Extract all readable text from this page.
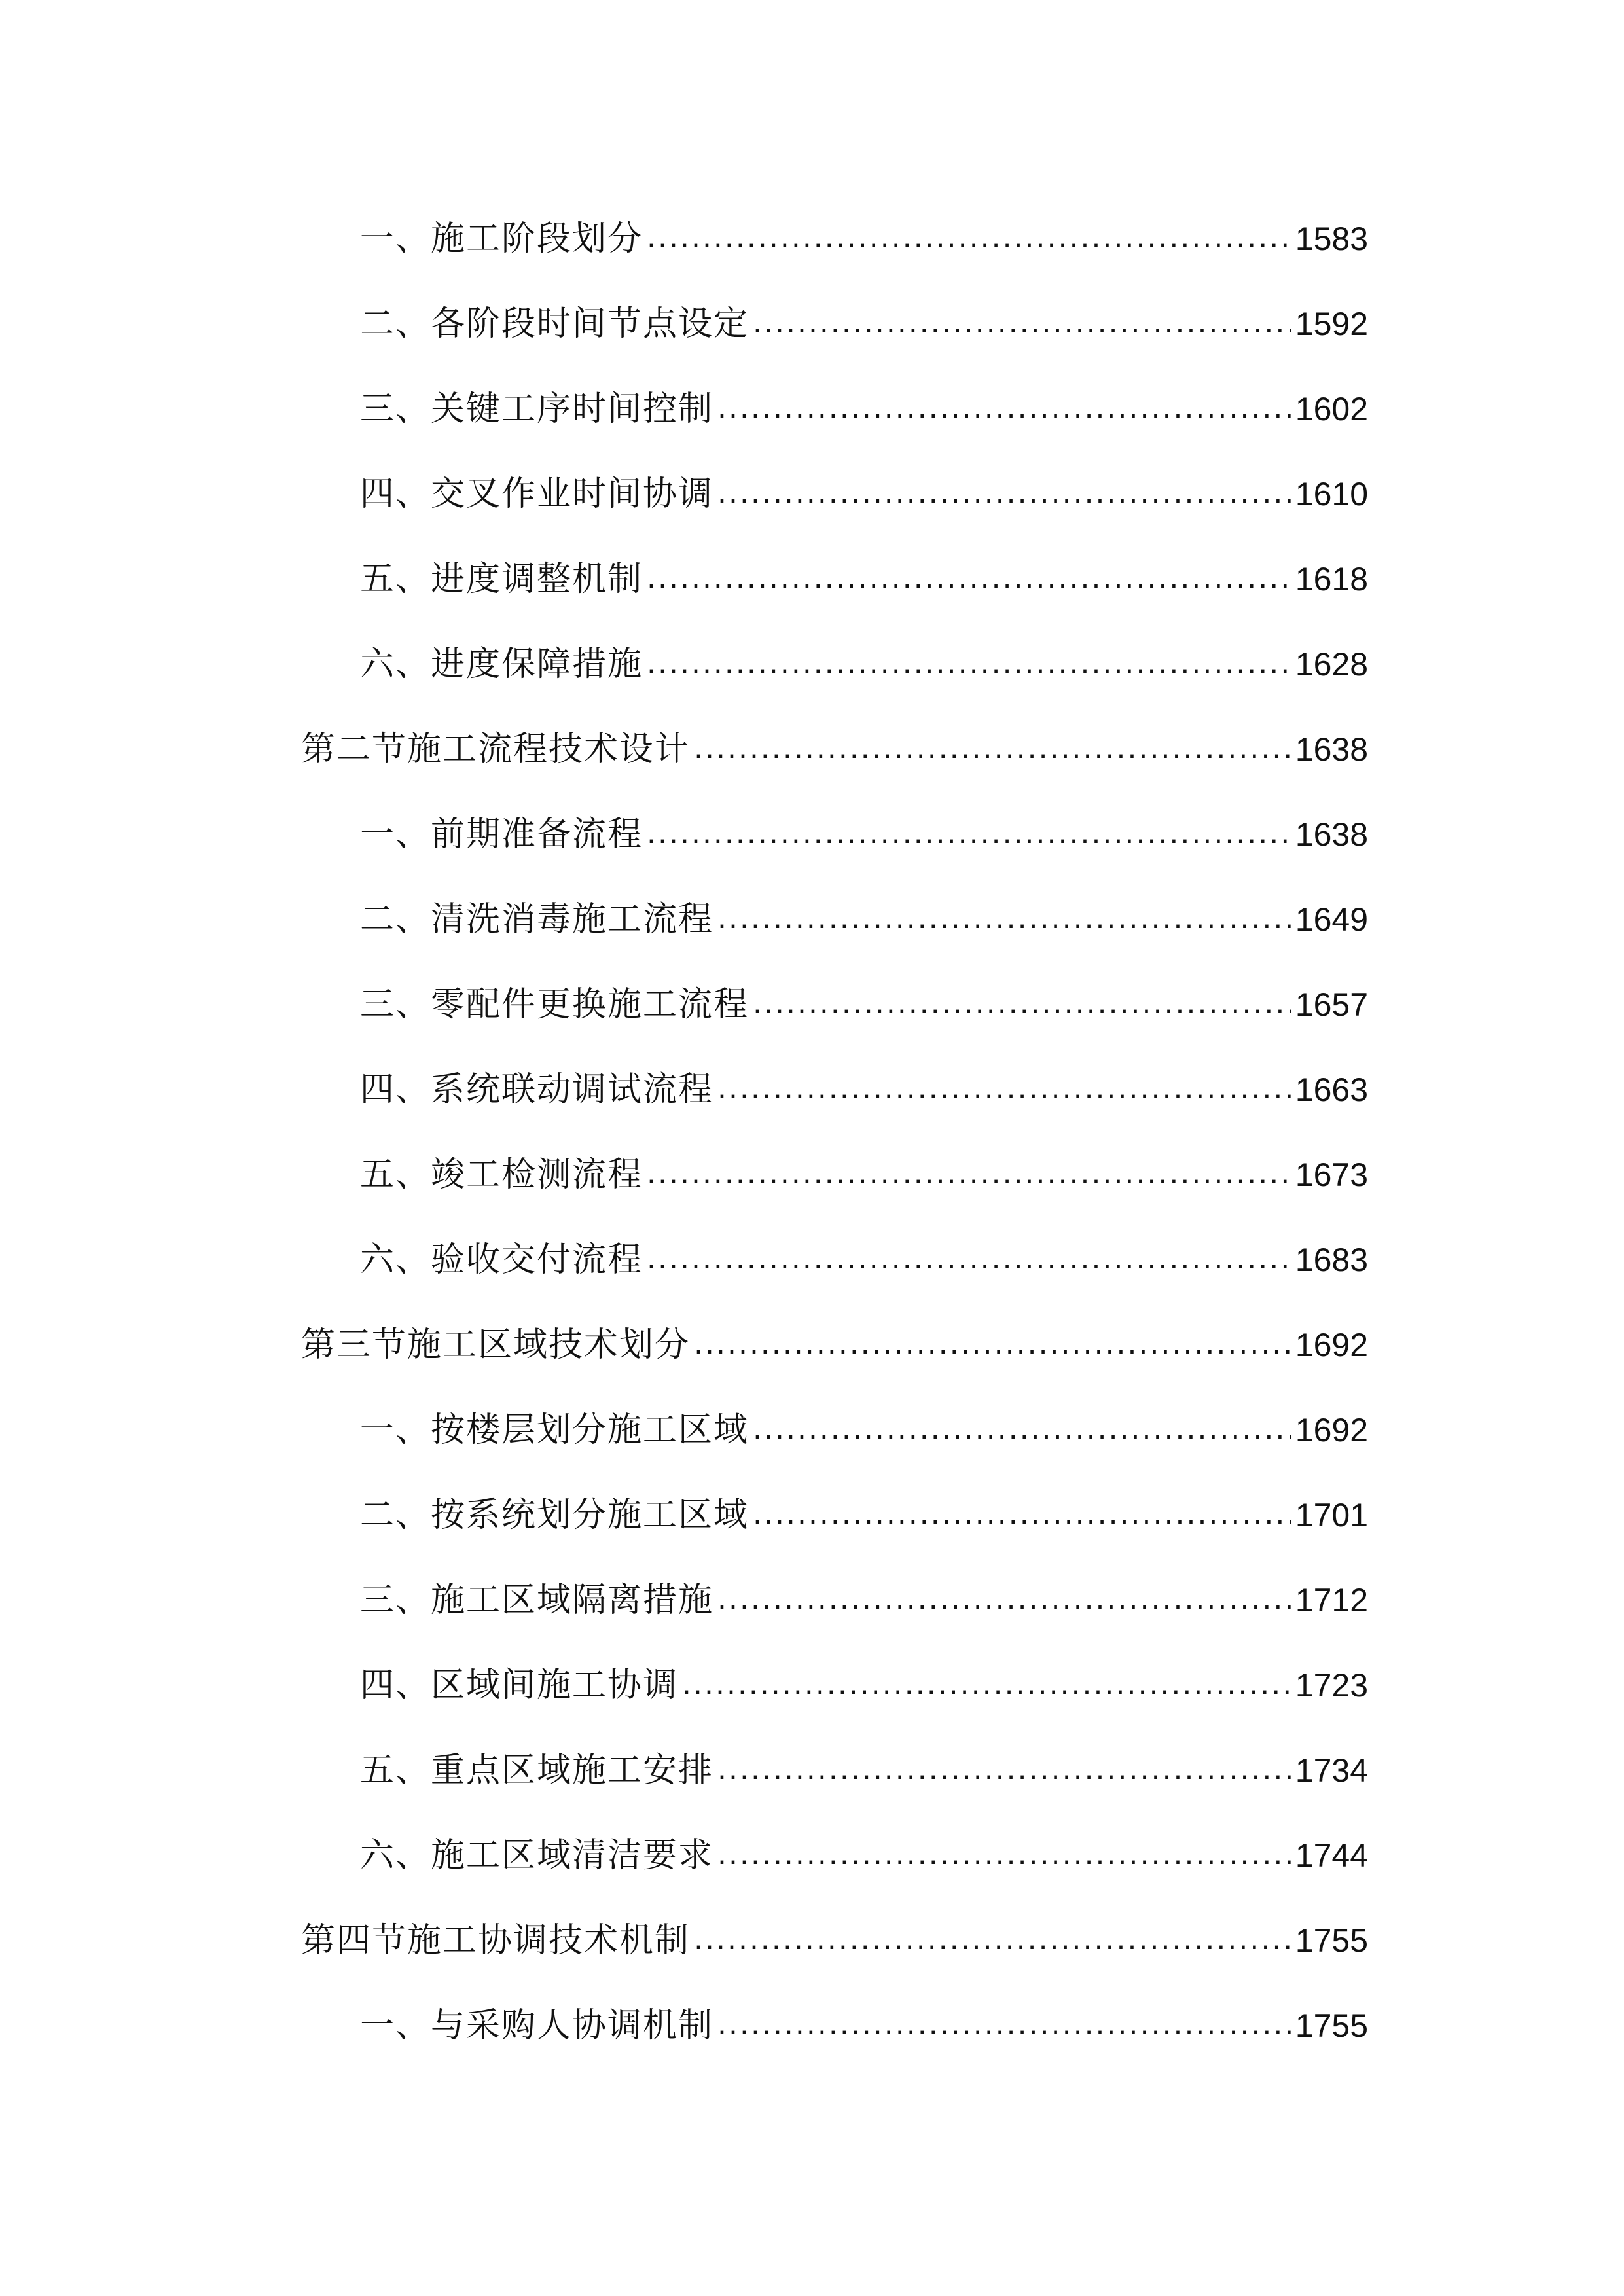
一、施工阶段划分 .....	1583
二、各阶段时间节点设定 .....	1592
三、关键工序时间控制 .....	1602
四、交叉作业时间协调 .....	1610
五、进度调整机制 .....	1618
六、进度保障措施 .....	1628
第二节施工流程技术设计 .....	1638
一、前期准备流程 .....	1638
二、清洗消毒施工流程 .....	1649
三、零配件更换施工流程 .....	1657
四、系统联动调试流程 .....	1663
五、竣工检测流程 .....	1673
六、验收交付流程 .....	1683
第三节施工区域技术划分 .....	1692
一、按楼层划分施工区域 .....	1692
二、按系统划分施工区域 .....	1701
三、施工区域隔离措施 .....	1712
四、区域间施工协调 .....	1723
五、重点区域施工安排 .....	1734
六、施工区域清洁要求 .....	1744
第四节施工协调技术机制 .....	1755
一、与采购人协调机制 .....	1755
